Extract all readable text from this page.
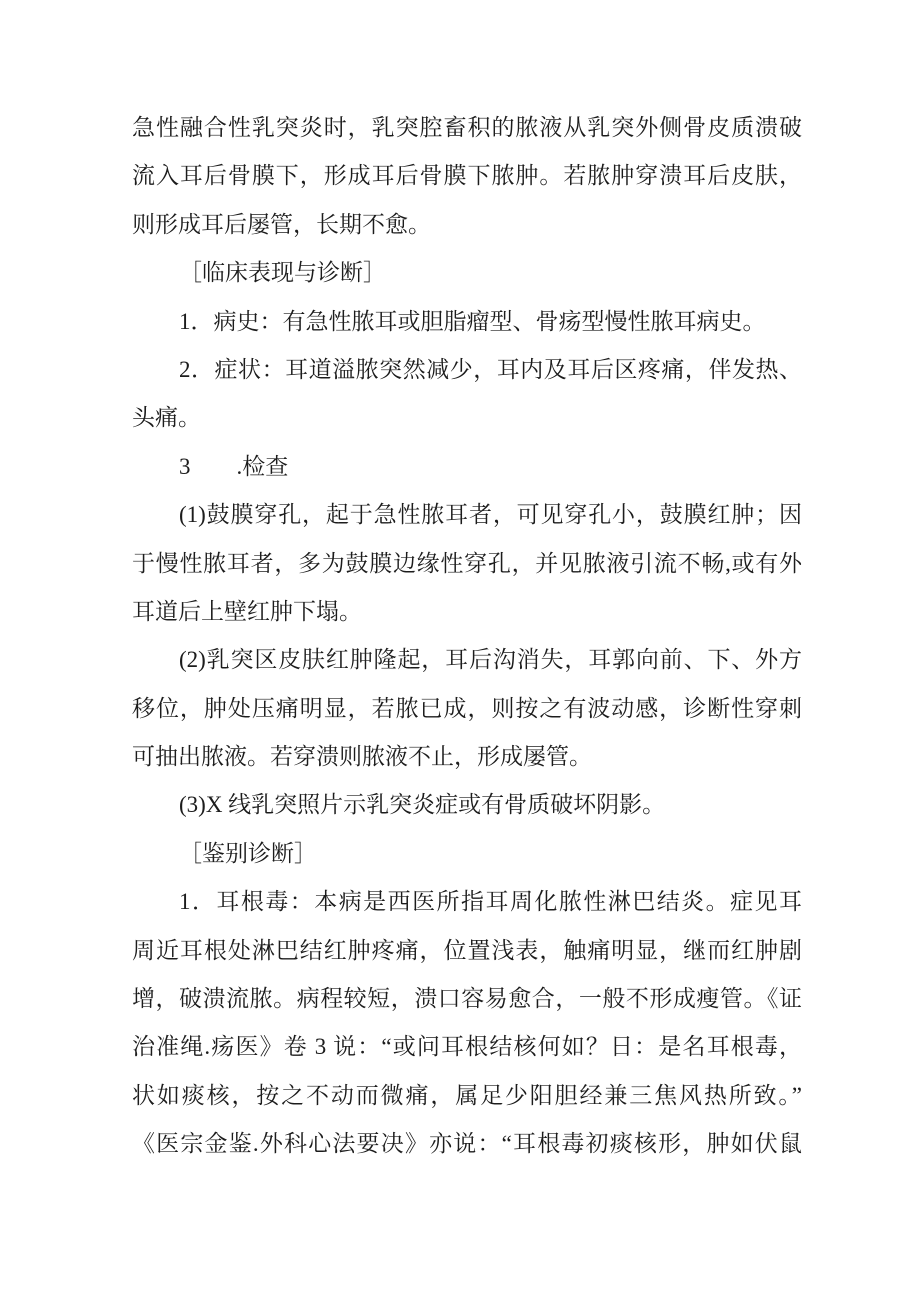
急性融合性乳突炎时，乳突腔畜积的脓液从乳突外侧骨皮质溃破
流入耳后骨膜下，形成耳后骨膜下脓肿。若脓肿穿溃耳后皮肤，
则形成耳后屡管，长期不愈。
［临床表现与诊断］
1．病史：有急性脓耳或胆脂瘤型、骨疡型慢性脓耳病史。
2．症状：耳道溢脓突然减少，耳内及耳后区疼痛，伴发热、
头痛。
3　　.检查
(1)鼓膜穿孔，起于急性脓耳者，可见穿孔小，鼓膜红肿；因
于慢性脓耳者，多为鼓膜边缘性穿孔，并见脓液引流不畅,或有外
耳道后上壁红肿下塌。
(2)乳突区皮肤红肿隆起，耳后沟消失，耳郭向前、下、外方
移位，肿处压痛明显，若脓已成，则按之有波动感，诊断性穿刺
可抽出脓液。若穿溃则脓液不止，形成屡管。
(3)X 线乳突照片示乳突炎症或有骨质破坏阴影。
［鉴别诊断］
1．耳根毒：本病是西医所指耳周化脓性淋巴结炎。症见耳
周近耳根处淋巴结红肿疼痛，位置浅表，触痛明显，继而红肿剧
增，破溃流脓。病程较短，溃口容易愈合，一般不形成瘦管。《证
治准绳.疡医》卷 3 说：“或问耳根结核何如？日：是名耳根毒，
状如痰核，按之不动而微痛，属足少阳胆经兼三焦风热所致。”
《医宗金鉴.外科心法要决》亦说：“耳根毒初痰核形，肿如伏鼠
